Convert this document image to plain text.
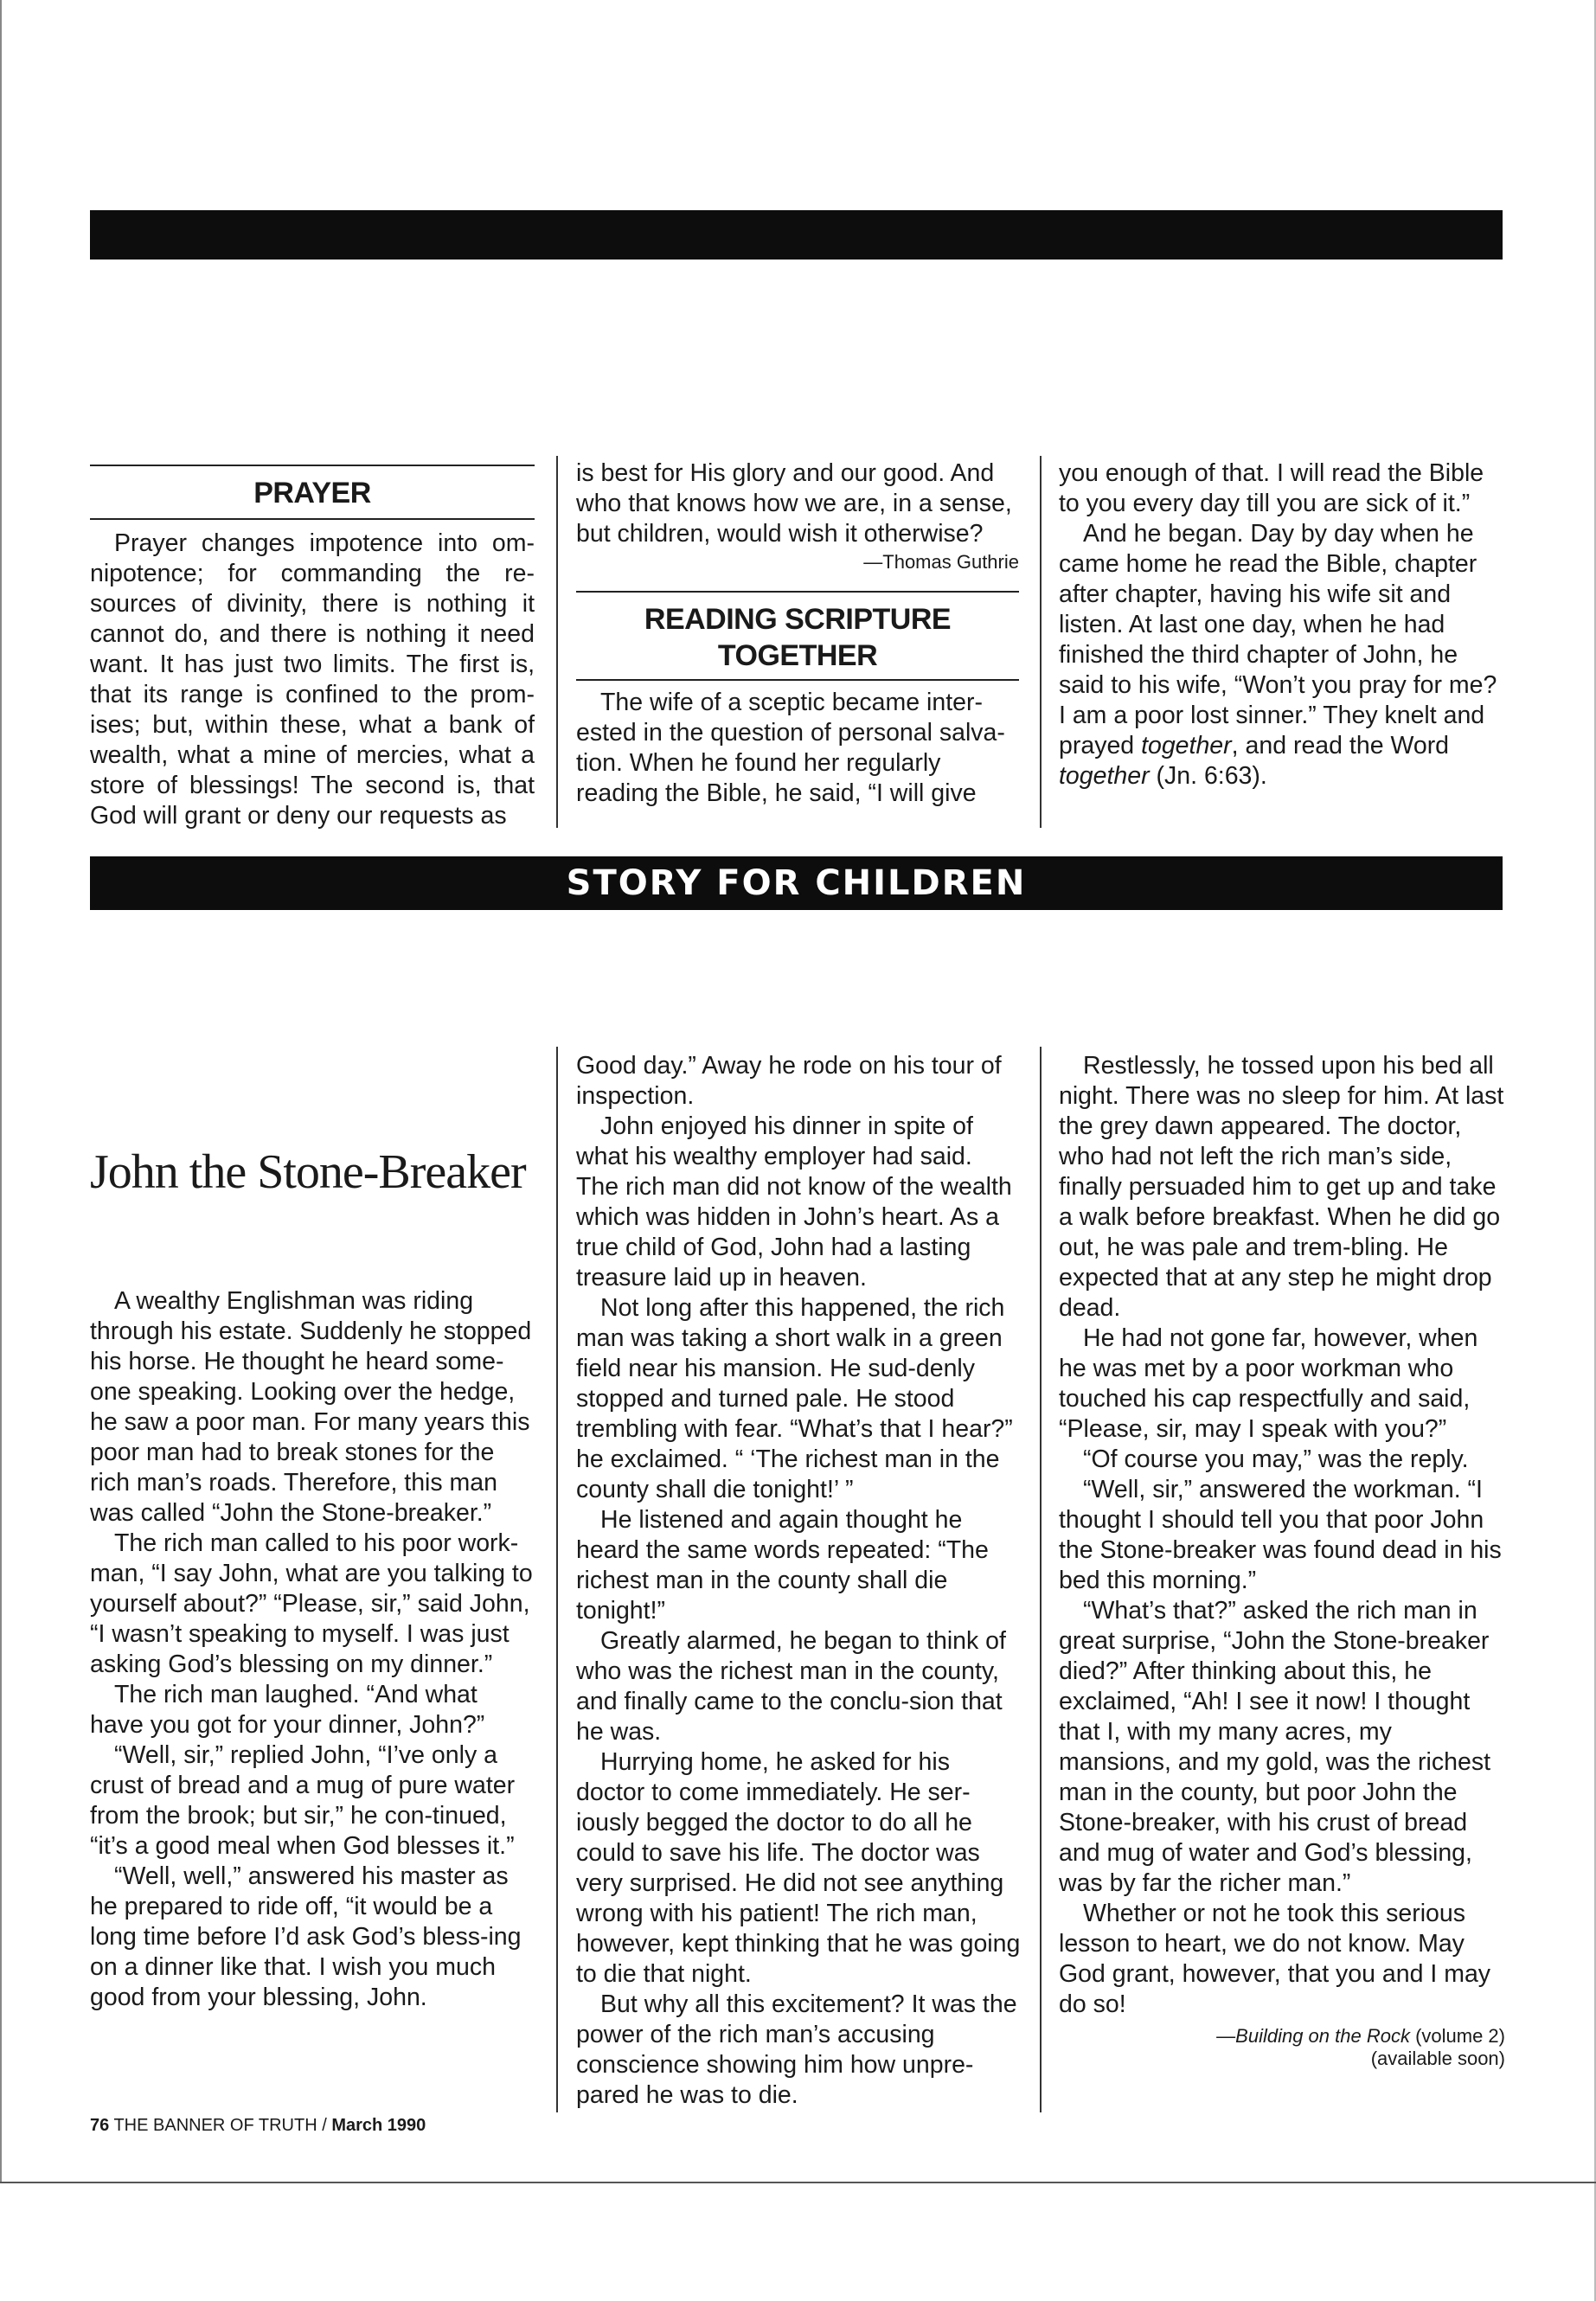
PRAYER

Prayer changes impotence into om-nipotence; for commanding the re-sources of divinity, there is nothing it cannot do, and there is nothing it need want. It has just two limits. The first is, that its range is confined to the prom-ises; but, within these, what a bank of wealth, what a mine of mercies, what a store of blessings! The second is, that God will grant or deny our requests as

is best for His glory and our good. And who that knows how we are, in a sense, but children, would wish it otherwise?

—Thomas Guthrie
READING SCRIPTURE
TOGETHER

The wife of a sceptic became inter-ested in the question of personal salva-tion. When he found her regularly reading the Bible, he said, “I will give

you enough of that. I will read the Bible to you every day till you are sick of it.”

And he began. Day by day when he came home he read the Bible, chapter after chapter, having his wife sit and listen. At last one day, when he had finished the third chapter of John, he said to his wife, “Won’t you pray for me? I am a poor lost sinner.” They knelt and prayed together, and read the Word together (Jn. 6:63).

STORY FOR CHILDREN
John the Stone-Breaker

A wealthy Englishman was riding through his estate. Suddenly he stopped his horse. He thought he heard some-one speaking. Looking over the hedge, he saw a poor man. For many years this poor man had to break stones for the rich man’s roads. Therefore, this man was called “John the Stone-breaker.”

The rich man called to his poor work-man, “I say John, what are you talking to yourself about?” “Please, sir,” said John, “I wasn’t speaking to myself. I was just asking God’s blessing on my dinner.”

The rich man laughed. “And what have you got for your dinner, John?”

“Well, sir,” replied John, “I’ve only a crust of bread and a mug of pure water from the brook; but sir,” he con-tinued, “it’s a good meal when God blesses it.”

“Well, well,” answered his master as he prepared to ride off, “it would be a long time before I’d ask God’s bless-ing on a dinner like that. I wish you much good from your blessing, John.

Good day.” Away he rode on his tour of inspection.

John enjoyed his dinner in spite of what his wealthy employer had said. The rich man did not know of the wealth which was hidden in John’s heart. As a true child of God, John had a lasting treasure laid up in heaven.

Not long after this happened, the rich man was taking a short walk in a green field near his mansion. He sud-denly stopped and turned pale. He stood trembling with fear. “What’s that I hear?” he exclaimed. “ ‘The richest man in the county shall die tonight!’ ”

He listened and again thought he heard the same words repeated: “The richest man in the county shall die tonight!”

Greatly alarmed, he began to think of who was the richest man in the county, and finally came to the conclu-sion that he was.

Hurrying home, he asked for his doctor to come immediately. He ser-iously begged the doctor to do all he could to save his life. The doctor was very surprised. He did not see anything wrong with his patient! The rich man, however, kept thinking that he was going to die that night.

But why all this excitement? It was the power of the rich man’s accusing conscience showing him how unpre-pared he was to die.

Restlessly, he tossed upon his bed all night. There was no sleep for him. At last the grey dawn appeared. The doctor, who had not left the rich man’s side, finally persuaded him to get up and take a walk before breakfast. When he did go out, he was pale and trem-bling. He expected that at any step he might drop dead.

He had not gone far, however, when he was met by a poor workman who touched his cap respectfully and said, “Please, sir, may I speak with you?”

“Of course you may,” was the reply.

“Well, sir,” answered the workman. “I thought I should tell you that poor John the Stone-breaker was found dead in his bed this morning.”

“What’s that?” asked the rich man in great surprise, “John the Stone-breaker died?” After thinking about this, he exclaimed, “Ah! I see it now! I thought that I, with my many acres, my mansions, and my gold, was the richest man in the county, but poor John the Stone-breaker, with his crust of bread and mug of water and God’s blessing, was by far the richer man.”

Whether or not he took this serious lesson to heart, we do not know. May God grant, however, that you and I may do so!

—Building on the Rock (volume 2)
(available soon)
76 THE BANNER OF TRUTH / March 1990
